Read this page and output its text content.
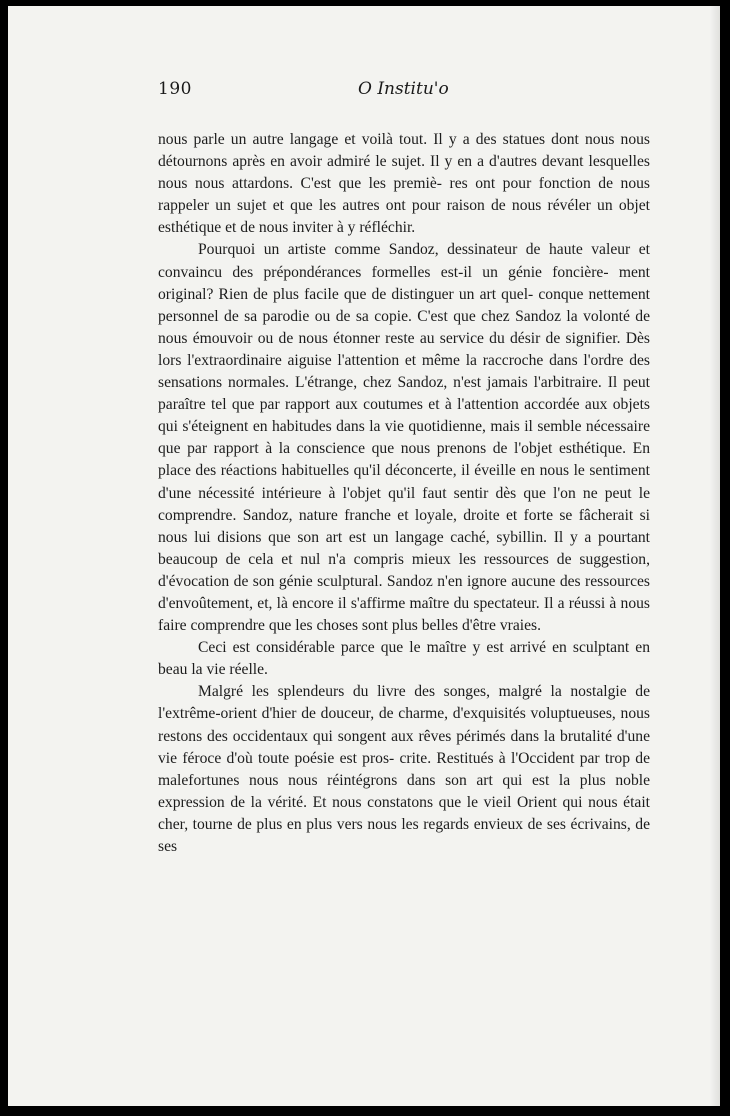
190	O Institu'o

nous parle un autre langage et voilà tout. Il y a des statues dont nous nous détournons après en avoir admiré le sujet. Il y en a d'autres devant lesquelles nous nous attardons. C'est que les premiè- res ont pour fonction de nous rappeler un sujet et que les autres ont pour raison de nous révéler un objet esthétique et de nous inviter à y réfléchir.

Pourquoi un artiste comme Sandoz, dessinateur de haute valeur et convaincu des prépondérances formelles est-il un génie foncière- ment original? Rien de plus facile que de distinguer un art quel- conque nettement personnel de sa parodie ou de sa copie. C'est que chez Sandoz la volonté de nous émouvoir ou de nous étonner reste au service du désir de signifier. Dès lors l'extraordinaire aiguise l'attention et même la raccroche dans l'ordre des sensations normales. L'étrange, chez Sandoz, n'est jamais l'arbitraire. Il peut paraître tel que par rapport aux coutumes et à l'attention accordée aux objets qui s'éteignent en habitudes dans la vie quotidienne, mais il semble nécessaire que par rapport à la conscience que nous prenons de l'objet esthétique. En place des réactions habituelles qu'il déconcerte, il éveille en nous le sentiment d'une nécessité intérieure à l'objet qu'il faut sentir dès que l'on ne peut le comprendre. Sandoz, nature franche et loyale, droite et forte se fâcherait si nous lui disions que son art est un langage caché, sybillin. Il y a pourtant beaucoup de cela et nul n'a compris mieux les ressources de suggestion, d'évocation de son génie sculptural. Sandoz n'en ignore aucune des ressources d'envoûtement, et, là encore il s'affirme maître du spectateur. Il a réussi à nous faire comprendre que les choses sont plus belles d'être vraies.

Ceci est considérable parce que le maître y est arrivé en sculptant en beau la vie réelle.

Malgré les splendeurs du livre des songes, malgré la nostalgie de l'extrême-orient d'hier de douceur, de charme, d'exquisités voluptueuses, nous restons des occidentaux qui songent aux rêves périmés dans la brutalité d'une vie féroce d'où toute poésie est pros- crite. Restitués à l'Occident par trop de malefortunes nous nous réintégrons dans son art qui est la plus noble expression de la vérité. Et nous constatons que le vieil Orient qui nous était cher, tourne de plus en plus vers nous les regards envieux de ses écrivains, de ses
